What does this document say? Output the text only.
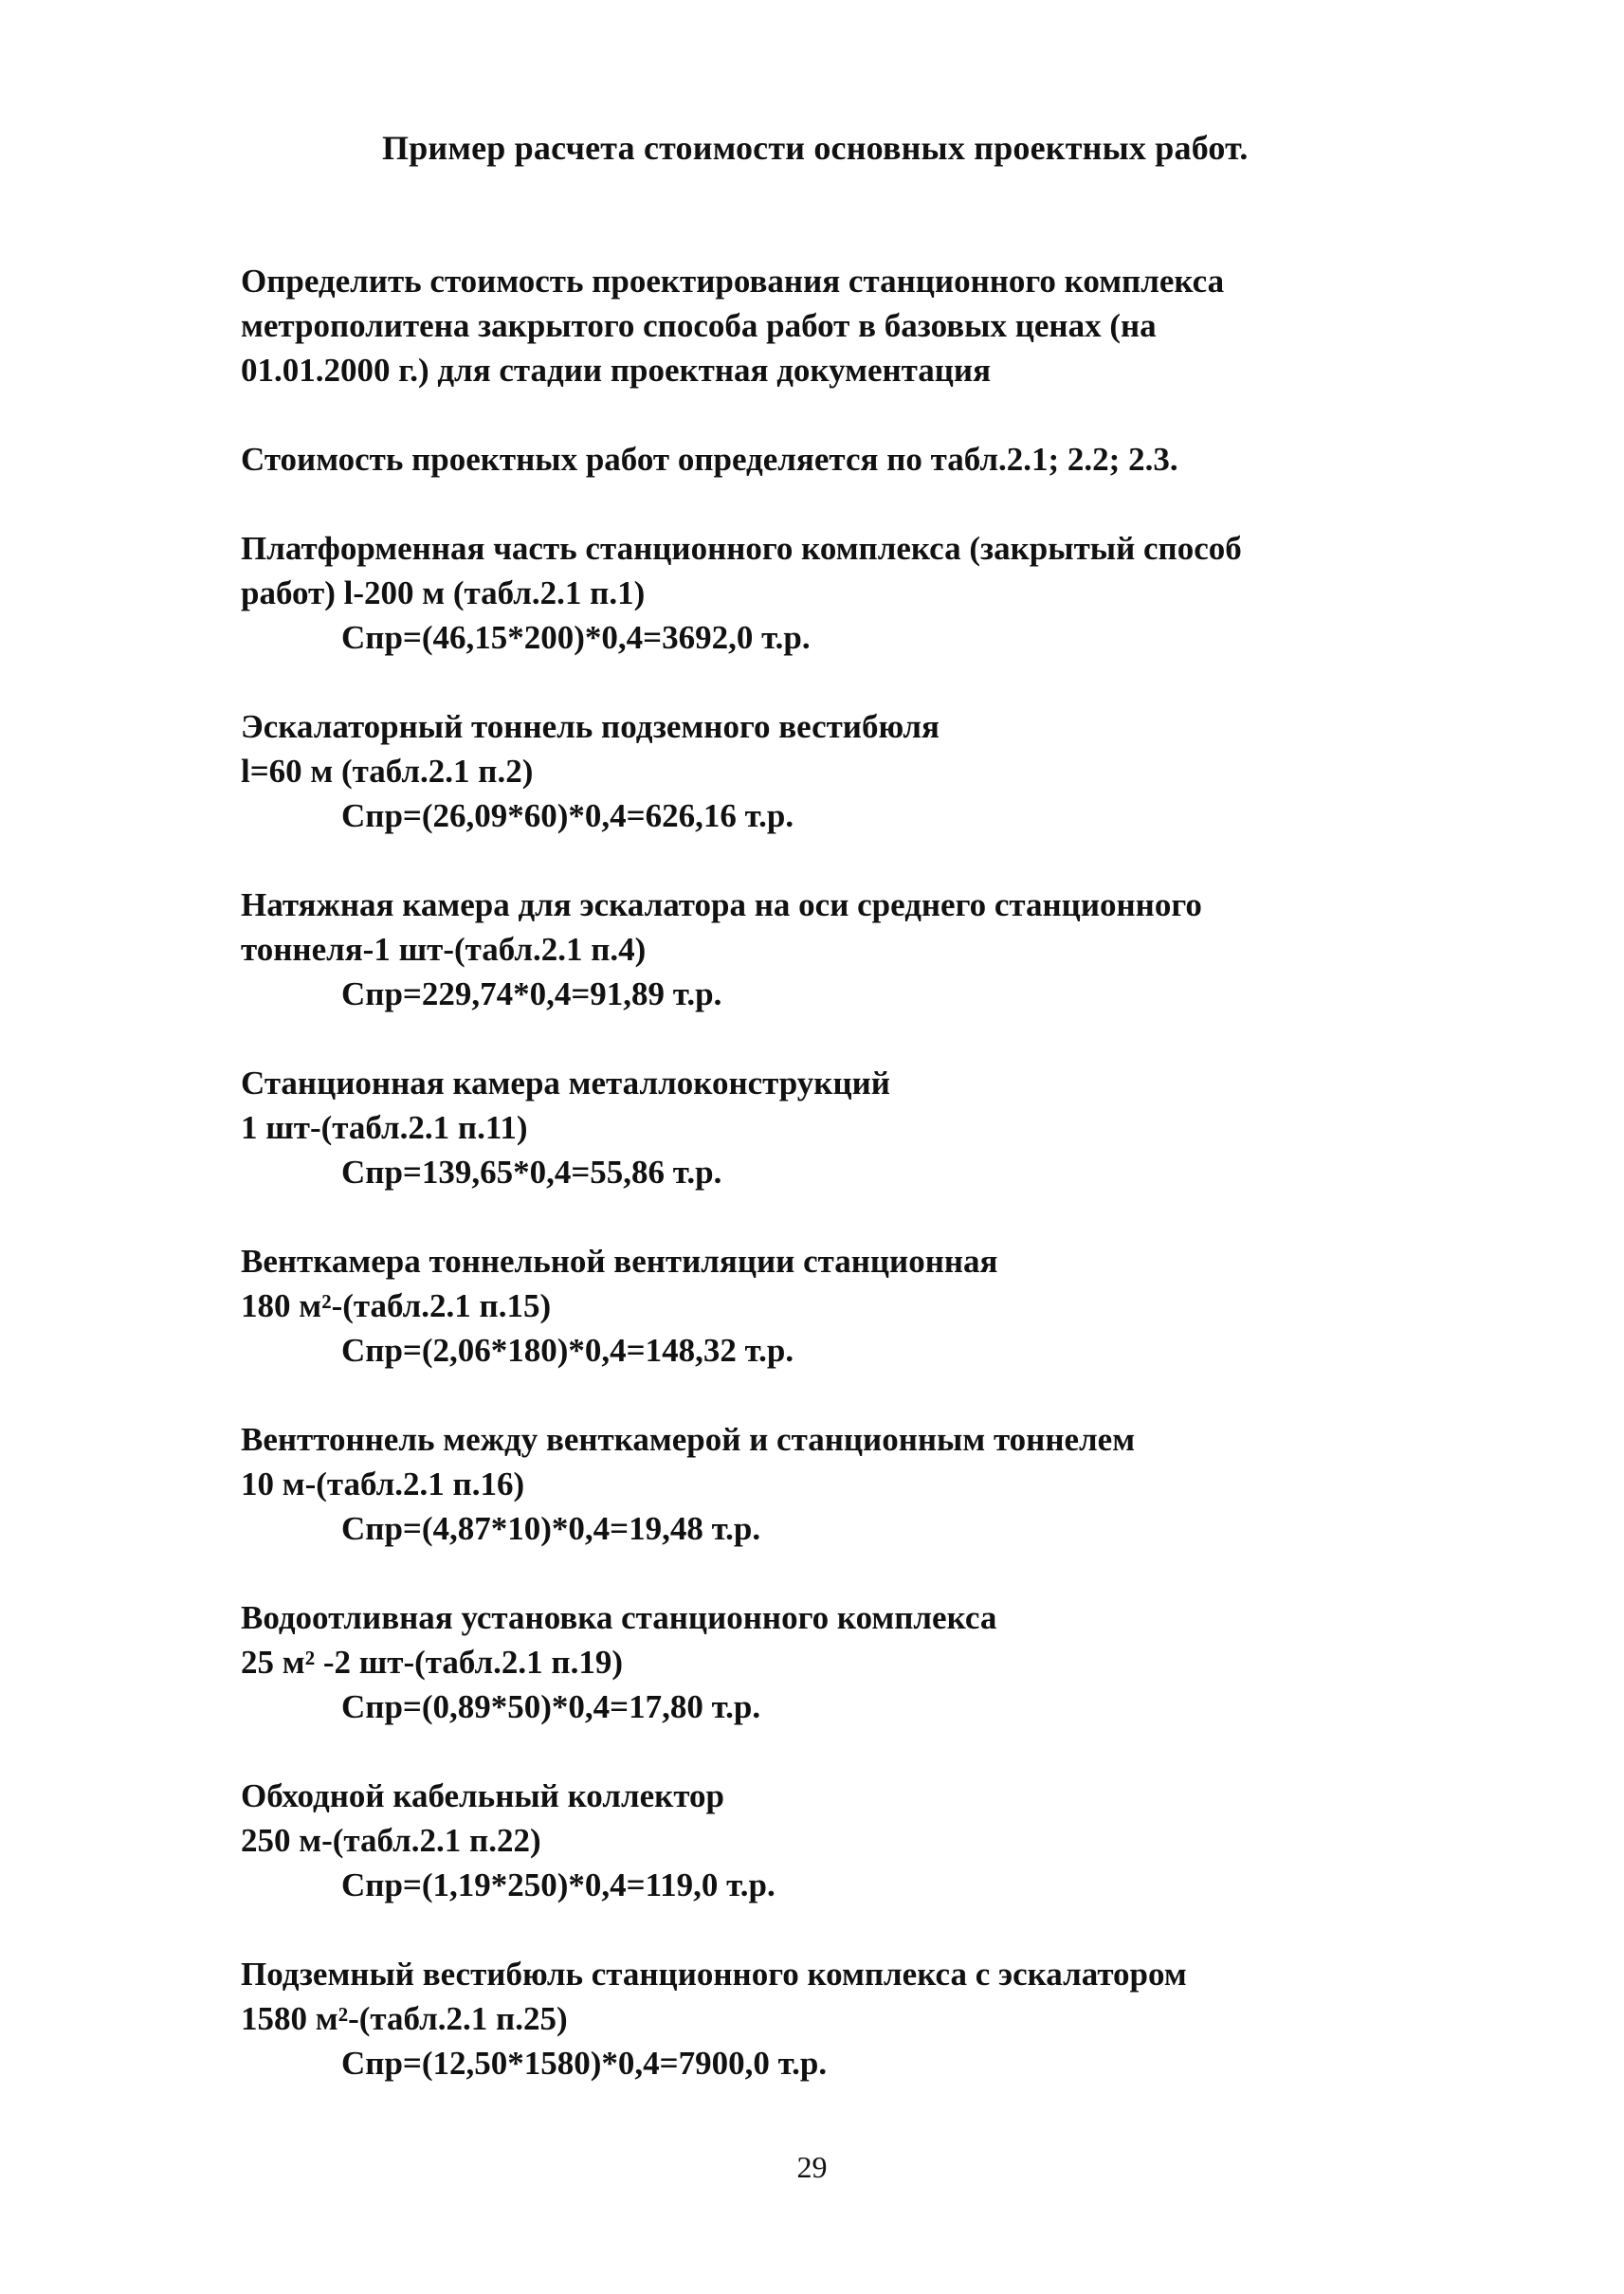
Пример расчета стоимости основных проектных работ.
Определить стоимость проектирования станционного комплекса
метрополитена закрытого способа работ в базовых ценах (на
01.01.2000 г.) для стадии проектная документация
Стоимость проектных работ определяется по табл.2.1; 2.2; 2.3.
Платформенная часть станционного комплекса (закрытый способ
работ) l-200 м (табл.2.1 п.1)
Спр=(46,15*200)*0,4=3692,0 т.р.
Эскалаторный тоннель подземного вестибюля
l=60 м (табл.2.1 п.2)
Спр=(26,09*60)*0,4=626,16 т.р.
Натяжная камера для эскалатора на оси среднего станционного
тоннеля-1 шт-(табл.2.1 п.4)
Спр=229,74*0,4=91,89 т.р.
Станционная камера металлоконструкций
1 шт-(табл.2.1 п.11)
Спр=139,65*0,4=55,86 т.р.
Венткамера тоннельной вентиляции станционная
180 м²-(табл.2.1 п.15)
Спр=(2,06*180)*0,4=148,32 т.р.
Венттоннель между венткамерой и станционным тоннелем
10 м-(табл.2.1 п.16)
Спр=(4,87*10)*0,4=19,48 т.р.
Водоотливная установка станционного комплекса
25 м² -2 шт-(табл.2.1 п.19)
Спр=(0,89*50)*0,4=17,80 т.р.
Обходной кабельный коллектор
250 м-(табл.2.1 п.22)
Спр=(1,19*250)*0,4=119,0 т.р.
Подземный вестибюль станционного комплекса с эскалатором
1580 м²-(табл.2.1 п.25)
Спр=(12,50*1580)*0,4=7900,0 т.р.
29
